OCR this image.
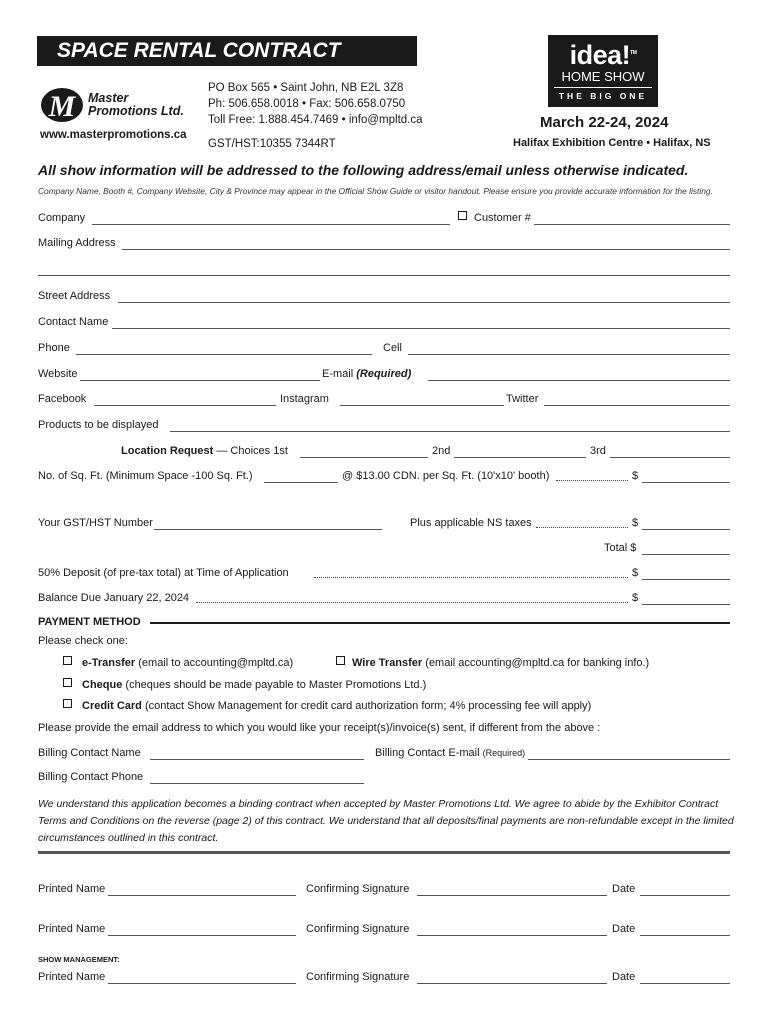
SPACE RENTAL CONTRACT
M Master
Promotions Ltd.
www.masterpromotions.ca
PO Box 565 • Saint John, NB E2L 3Z8
Ph: 506.658.0018 • Fax: 506.658.0750
Toll Free: 1.888.454.7469 • info@mpltd.ca
GST/HST:10355 7344RT
idea!™
HOME SHOW
THE BIG ONE
March 22-24, 2024
Halifax Exhibition Centre • Halifax, NS
All show information will be addressed to the following address/email unless otherwise indicated.
Company Name, Booth #, Company Website, City & Province may appear in the Official Show Guide or visitor handout. Please ensure you provide accurate information for the listing.
Company	Customer #
Mailing Address
Street Address
Contact Name
Phone	Cell
Website	E-mail (Required)
Facebook	Instagram	Twitter
Products to be displayed
Location Request — Choices 1st	2nd	3rd
No. of Sq. Ft. (Minimum Space -100 Sq. Ft.)	@ $13.00 CDN. per Sq. Ft. (10'x10' booth)	$
Your GST/HST Number	Plus applicable NS taxes	$
Total $
50% Deposit (of pre-tax total) at Time of Application	$
Balance Due January 22, 2024	$
PAYMENT METHOD
Please check one:
e-Transfer (email to accounting@mpltd.ca)	Wire Transfer (email accounting@mpltd.ca for banking info.)
Cheque (cheques should be made payable to Master Promotions Ltd.)
Credit Card (contact Show Management for credit card authorization form; 4% processing fee will apply)
Please provide the email address to which you would like your receipt(s)/invoice(s) sent, if different from the above :
Billing Contact Name	Billing Contact E-mail (Required)
Billing Contact Phone
We understand this application becomes a binding contract when accepted by Master Promotions Ltd. We agree to abide by the Exhibitor Contract Terms and Conditions on the reverse (page 2) of this contract. We understand that all deposits/final payments are non-refundable except in the limited circumstances outlined in this contract.
Printed Name	Confirming Signature	Date
Printed Name	Confirming Signature	Date
SHOW MANAGEMENT:
Printed Name	Confirming Signature	Date
